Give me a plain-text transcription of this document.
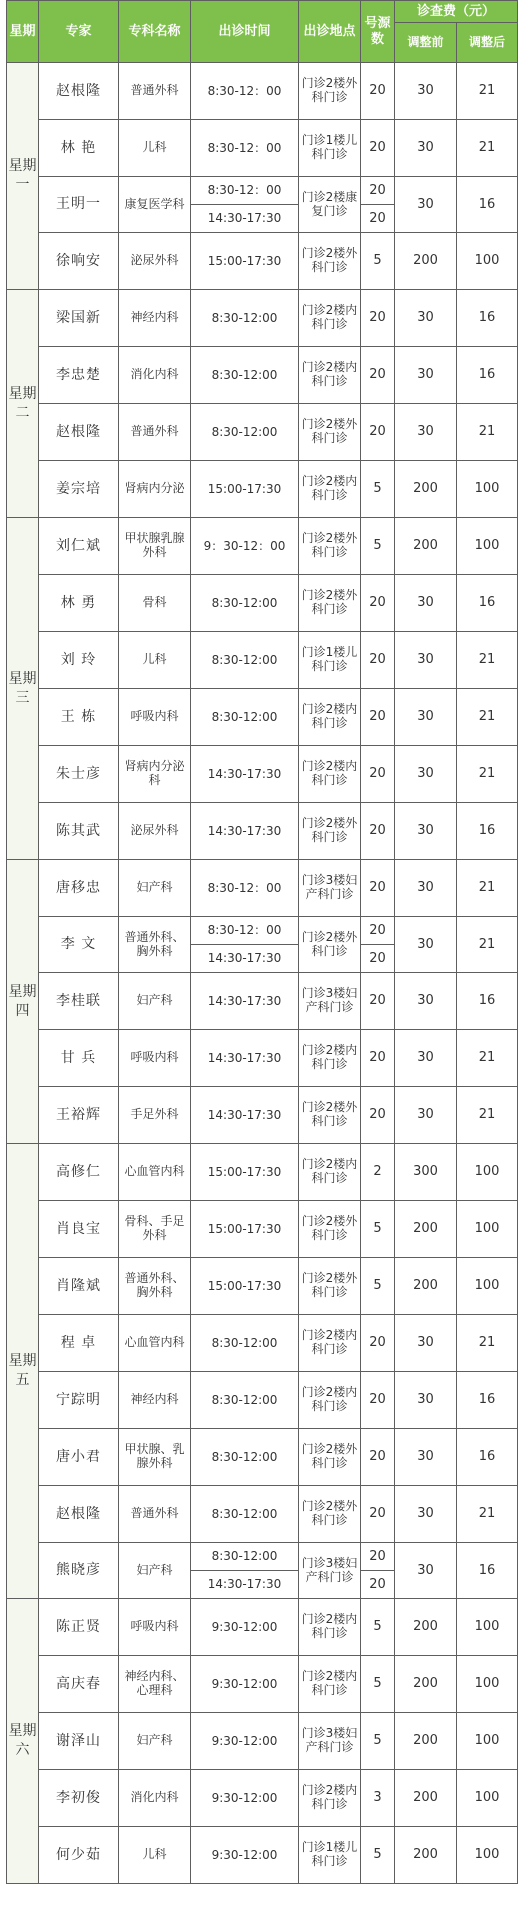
星期	专家	专科名称	出诊时间	出诊地点	号源数	诊查费（元）	
						调整前	调整后
星期一	赵根隆	普通外科	8:30-12：00	门诊2楼外科门诊	20	30	21
	林 艳	儿科	8:30-12：00	门诊1楼儿科门诊	20	30	21
	王明一	康复医学科	8:30-12：00	门诊2楼康复门诊	20	30	16
			14:30-17:30		20		
	徐响安	泌尿外科	15:00-17:30	门诊2楼外科门诊	5	200	100
星期二	梁国新	神经内科	8:30-12:00	门诊2楼内科门诊	20	30	16
	李忠楚	消化内科	8:30-12:00	门诊2楼内科门诊	20	30	16
	赵根隆	普通外科	8:30-12:00	门诊2楼外科门诊	20	30	21
	姜宗培	肾病内分泌	15:00-17:30	门诊2楼内科门诊	5	200	100
星期三	刘仁斌	甲状腺乳腺外科	9：30-12：00	门诊2楼外科门诊	5	200	100
	林 勇	骨科	8:30-12:00	门诊2楼外科门诊	20	30	16
	刘 玲	儿科	8:30-12:00	门诊1楼儿科门诊	20	30	21
	王 栋	呼吸内科	8:30-12:00	门诊2楼内科门诊	20	30	21
	朱士彦	肾病内分泌科	14:30-17:30	门诊2楼内科门诊	20	30	21
	陈其武	泌尿外科	14:30-17:30	门诊2楼外科门诊	20	30	16
星期四	唐移忠	妇产科	8:30-12：00	门诊3楼妇产科门诊	20	30	21
	李 文	普通外科、胸外科	8:30-12：00	门诊2楼外科门诊	20	30	21
			14:30-17:30		20		
	李桂联	妇产科	14:30-17:30	门诊3楼妇产科门诊	20	30	16
	甘 兵	呼吸内科	14:30-17:30	门诊2楼内科门诊	20	30	21
	王裕辉	手足外科	14:30-17:30	门诊2楼外科门诊	20	30	21
星期五	高修仁	心血管内科	15:00-17:30	门诊2楼内科门诊	2	300	100
	肖良宝	骨科、手足外科	15:00-17:30	门诊2楼外科门诊	5	200	100
	肖隆斌	普通外科、胸外科	15:00-17:30	门诊2楼外科门诊	5	200	100
	程 卓	心血管内科	8:30-12:00	门诊2楼内科门诊	20	30	21
	宁踪明	神经内科	8:30-12:00	门诊2楼内科门诊	20	30	16
	唐小君	甲状腺、乳腺外科	8:30-12:00	门诊2楼外科门诊	20	30	16
	赵根隆	普通外科	8:30-12:00	门诊2楼外科门诊	20	30	21
	熊晓彦	妇产科	8:30-12:00	门诊3楼妇产科门诊	20	30	16
			14:30-17:30		20		
星期六	陈正贤	呼吸内科	9:30-12:00	门诊2楼内科门诊	5	200	100
	高庆春	神经内科、心理科	9:30-12:00	门诊2楼内科门诊	5	200	100
	谢泽山	妇产科	9:30-12:00	门诊3楼妇产科门诊	5	200	100
	李初俊	消化内科	9:30-12:00	门诊2楼内科门诊	3	200	100
	何少茹	儿科	9:30-12:00	门诊1楼儿科门诊	5	200	100
